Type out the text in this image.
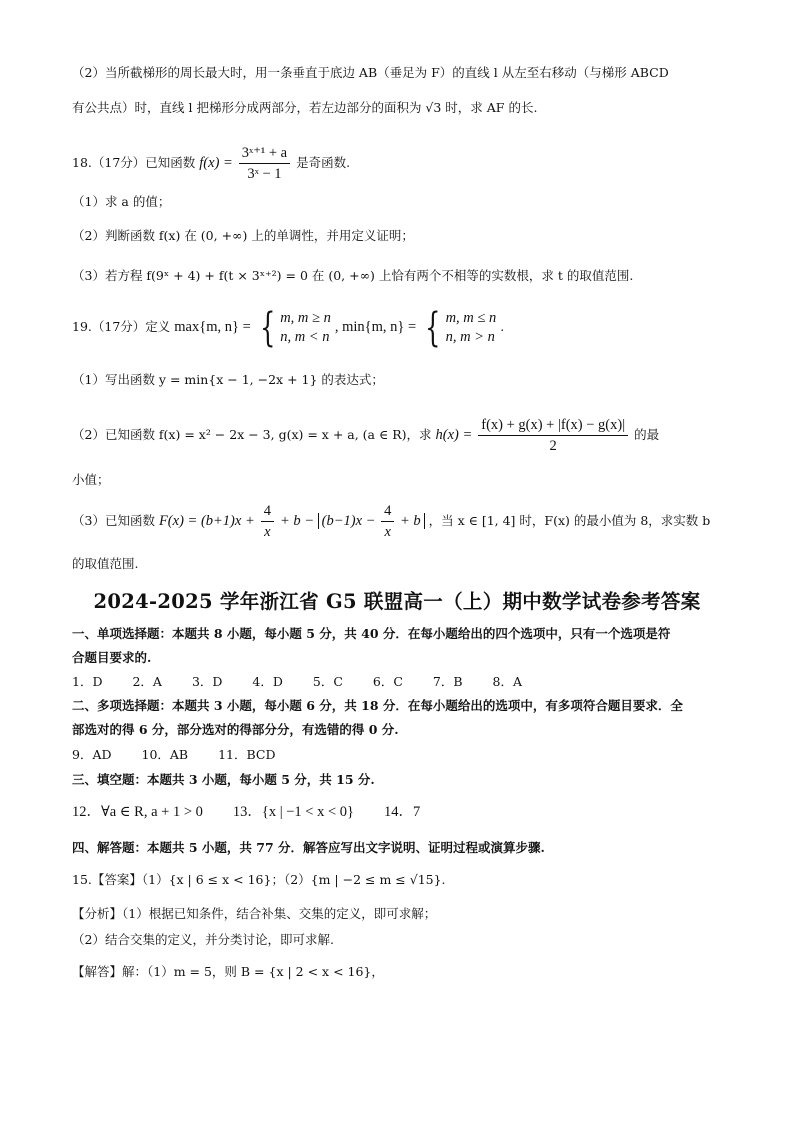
（2）当所截梯形的周长最大时，用一条垂直于底边 AB（垂足为 F）的直线 l 从左至右移动（与梯形 ABCD
有公共点）时，直线 l 把梯形分成两部分，若左边部分的面积为 √3 时，求 AF 的长.
18.（17分）已知函数 $f(x) = \frac{\text{3ˣ⁺¹ + a}}{\text{3ˣ − 1}}$ 是奇函数.
（1）求 a 的值；
（2）判断函数 f(x) 在 (0, +∞) 上的单调性，并用定义证明；
（3）若方程 f(9ˣ + 4) + f(t × 3ˣ⁺²) = 0 在 (0, +∞) 上恰有两个不相等的实数根，求 t 的取值范围.
19.（17分）定义 max{m, n} = { m, m ≥ n
n, m < n
, min{m, n} = { m, m ≤ n
n, m > n
.
（1）写出函数 y = min{x − 1, −2x + 1} 的表达式；
（2）已知函数 f(x) = x² − 2x − 3, g(x) = x + a, (a ∈ R)，求 $h(x) = \frac{f(x) + g(x) + |f(x) - g(x)|}{2}$ 的最
小值；
（3）已知函数 $F(x) = (b+1)x + \frac{4}{x} + b - (b-1)x - \frac{4}{x} + b$ ，当 x ∈ [1, 4] 时，F(x) 的最小值为 8，求实数 b
的取值范围.
2024-2025 学年浙江省 G5 联盟高一（上）期中数学试卷参考答案
一、单项选择题：本题共 8 小题，每小题 5 分，共 40 分．在每小题给出的四个选项中，只有一个选项是符
合题目要求的.
1．D 2．A 3．D 4．D 5．C 6．C 7．B 8．A
二、多项选择题：本题共 3 小题，每小题 6 分，共 18 分．在每小题给出的选项中，有多项符合题目要求．全
部选对的得 6 分，部分选对的得部分分，有选错的得 0 分.
9．AD 10．AB 11．BCD
三、填空题：本题共 3 小题，每小题 5 分，共 15 分.
12．∀a ∈ R, a + 1 > 0 13．{x | −1 < x < 0} 14．7
四、解答题：本题共 5 小题，共 77 分．解答应写出文字说明、证明过程或演算步骤.
15.【答案】（1）{x | 6 ≤ x < 16}；（2）{m | −2 ≤ m ≤ √15}.
【分析】（1）根据已知条件，结合补集、交集的定义，即可求解；
（2）结合交集的定义，并分类讨论，即可求解.
【解答】解：（1）m = 5，则 B = {x | 2 < x < 16}，
